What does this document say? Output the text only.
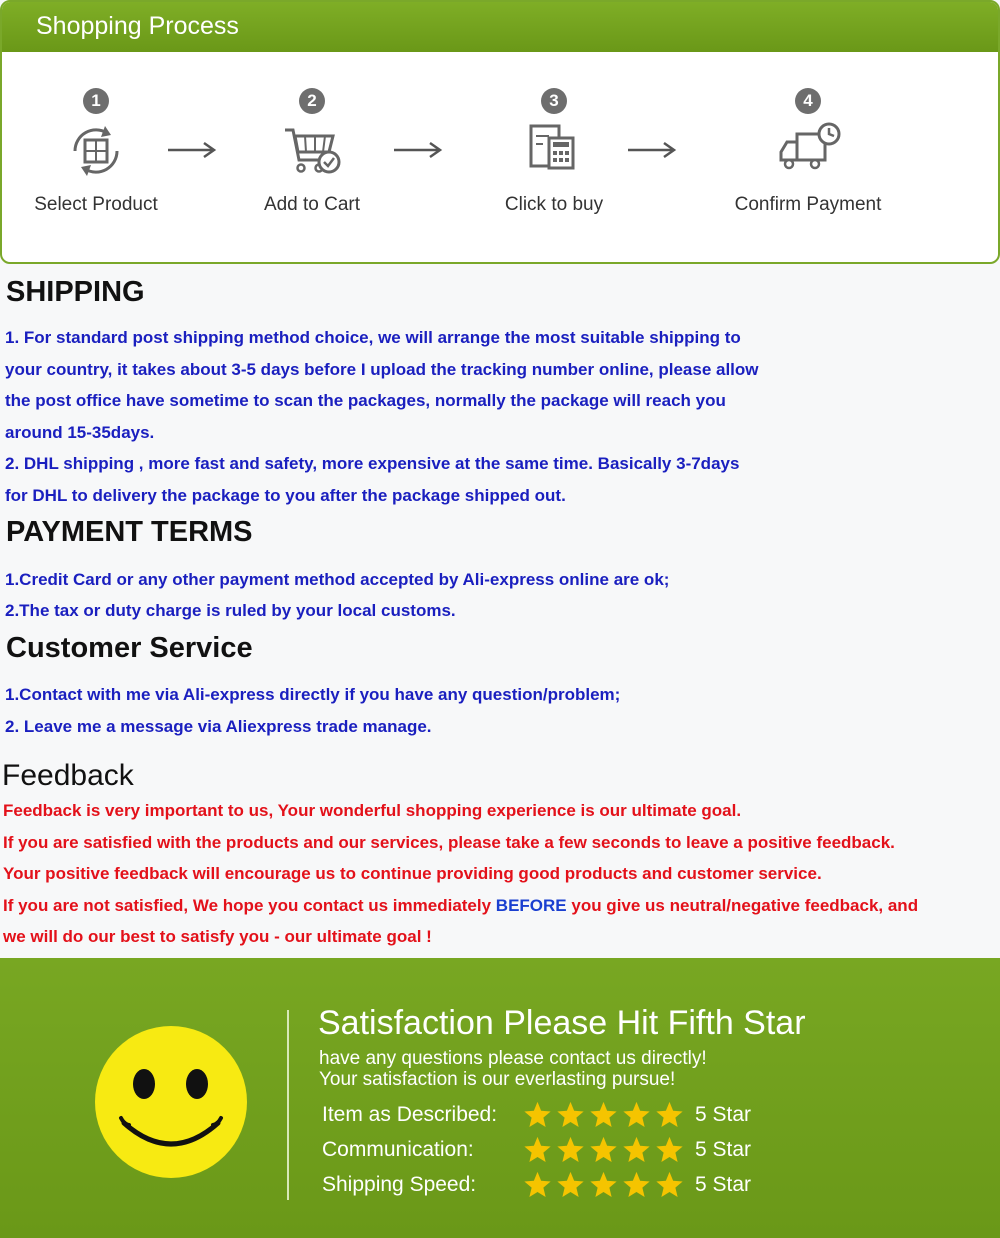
Shopping Process
1
Select Product
2
Add to Cart
3
Click to buy
4
Confirm Payment
SHIPPING
1. For standard post shipping method choice, we will arrange the most suitable shipping to
your country, it takes about 3-5 days before I upload the tracking number online, please allow
the post office have sometime to scan the packages, normally the package will reach you
around 15-35days.
2. DHL shipping , more fast and safety, more expensive at the same time. Basically 3-7days
for DHL to delivery the package to you after the package shipped out.
PAYMENT TERMS
1.Credit Card or any other payment method accepted by Ali-express online are ok;
2.The tax or duty charge is ruled by your local customs.
Customer Service
1.Contact with me via Ali-express directly if you have any question/problem;
2. Leave me a message via Aliexpress trade manage.
Feedback
Feedback is very important to us, Your wonderful shopping experience is our ultimate goal.
If you are satisfied with the products and our services, please take a few seconds to leave a positive feedback.
Your positive feedback will encourage us to continue providing good products and customer service.
If you are not satisfied, We hope you contact us immediately BEFORE you give us neutral/negative feedback, and
we will do our best to satisfy you - our ultimate goal !
Satisfaction Please Hit Fifth Star
have any questions please contact us directly!
Your satisfaction is our everlasting pursue!
Item as Described:	5 Star
Communication:	5 Star
Shipping Speed:	5 Star
